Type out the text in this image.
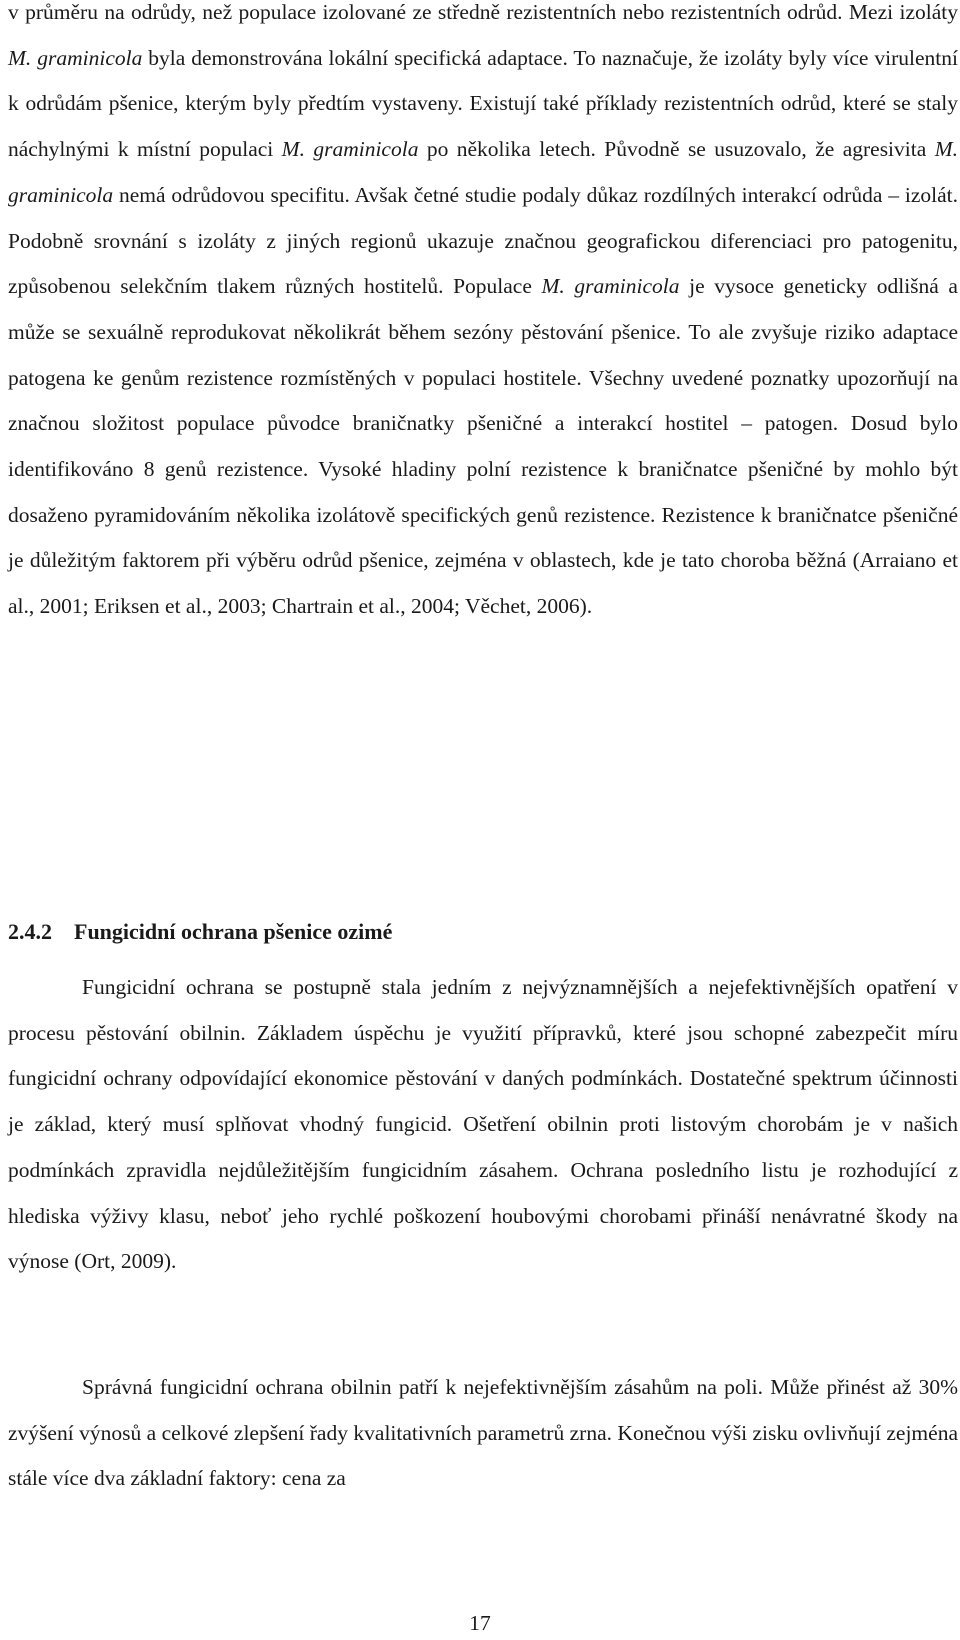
v průměru na odrůdy, než populace izolované ze středně rezistentních nebo rezistentních odrůd. Mezi izoláty M. graminicola byla demonstrována lokální specifická adaptace. To naznačuje, že izoláty byly více virulentní k odrůdám pšenice, kterým byly předtím vystaveny. Existují také příklady rezistentních odrůd, které se staly náchylnými k místní populaci M. graminicola po několika letech. Původně se usuzovalo, že agresivita M. graminicola nemá odrůdovou specifitu. Avšak četné studie podaly důkaz rozdílných interakcí odrůda – izolát. Podobně srovnání s izoláty z jiných regionů ukazuje značnou geografickou diferenciaci pro patogenitu, způsobenou selekčním tlakem různých hostitelů. Populace M. graminicola je vysoce geneticky odlišná a může se sexuálně reprodukovat několikrát během sezóny pěstování pšenice. To ale zvyšuje riziko adaptace patogena ke genům rezistence rozmístěných v populaci hostitele. Všechny uvedené poznatky upozorňují na značnou složitost populace původce braničnatky pšeničné a interakcí hostitel – patogen. Dosud bylo identifikováno 8 genů rezistence. Vysoké hladiny polní rezistence k braničnatce pšeničné by mohlo být dosaženo pyramidováním několika izolátově specifických genů rezistence. Rezistence k braničnatce pšeničné je důležitým faktorem při výběru odrůd pšenice, zejména v oblastech, kde je tato choroba běžná (Arraiano et al., 2001; Eriksen et al., 2003; Chartrain et al., 2004; Věchet, 2006).

2.4.2 Fungicidní ochrana pšenice ozimé

Fungicidní ochrana se postupně stala jedním z nejvýznamnějších a nejefektivnějších opatření v procesu pěstování obilnin. Základem úspěchu je využití přípravků, které jsou schopné zabezpečit míru fungicidní ochrany odpovídající ekonomice pěstování v daných podmínkách. Dostatečné spektrum účinnosti je základ, který musí splňovat vhodný fungicid. Ošetření obilnin proti listovým chorobám je v našich podmínkách zpravidla nejdůležitějším fungicidním zásahem. Ochrana posledního listu je rozhodující z hlediska výživy klasu, neboť jeho rychlé poškození houbovými chorobami přináší nenávratné škody na výnose (Ort, 2009).

Správná fungicidní ochrana obilnin patří k nejefektivnějším zásahům na poli. Může přinést až 30% zvýšení výnosů a celkové zlepšení řady kvalitativních parametrů zrna. Konečnou výši zisku ovlivňují zejména stále více dva základní faktory: cena za

17
